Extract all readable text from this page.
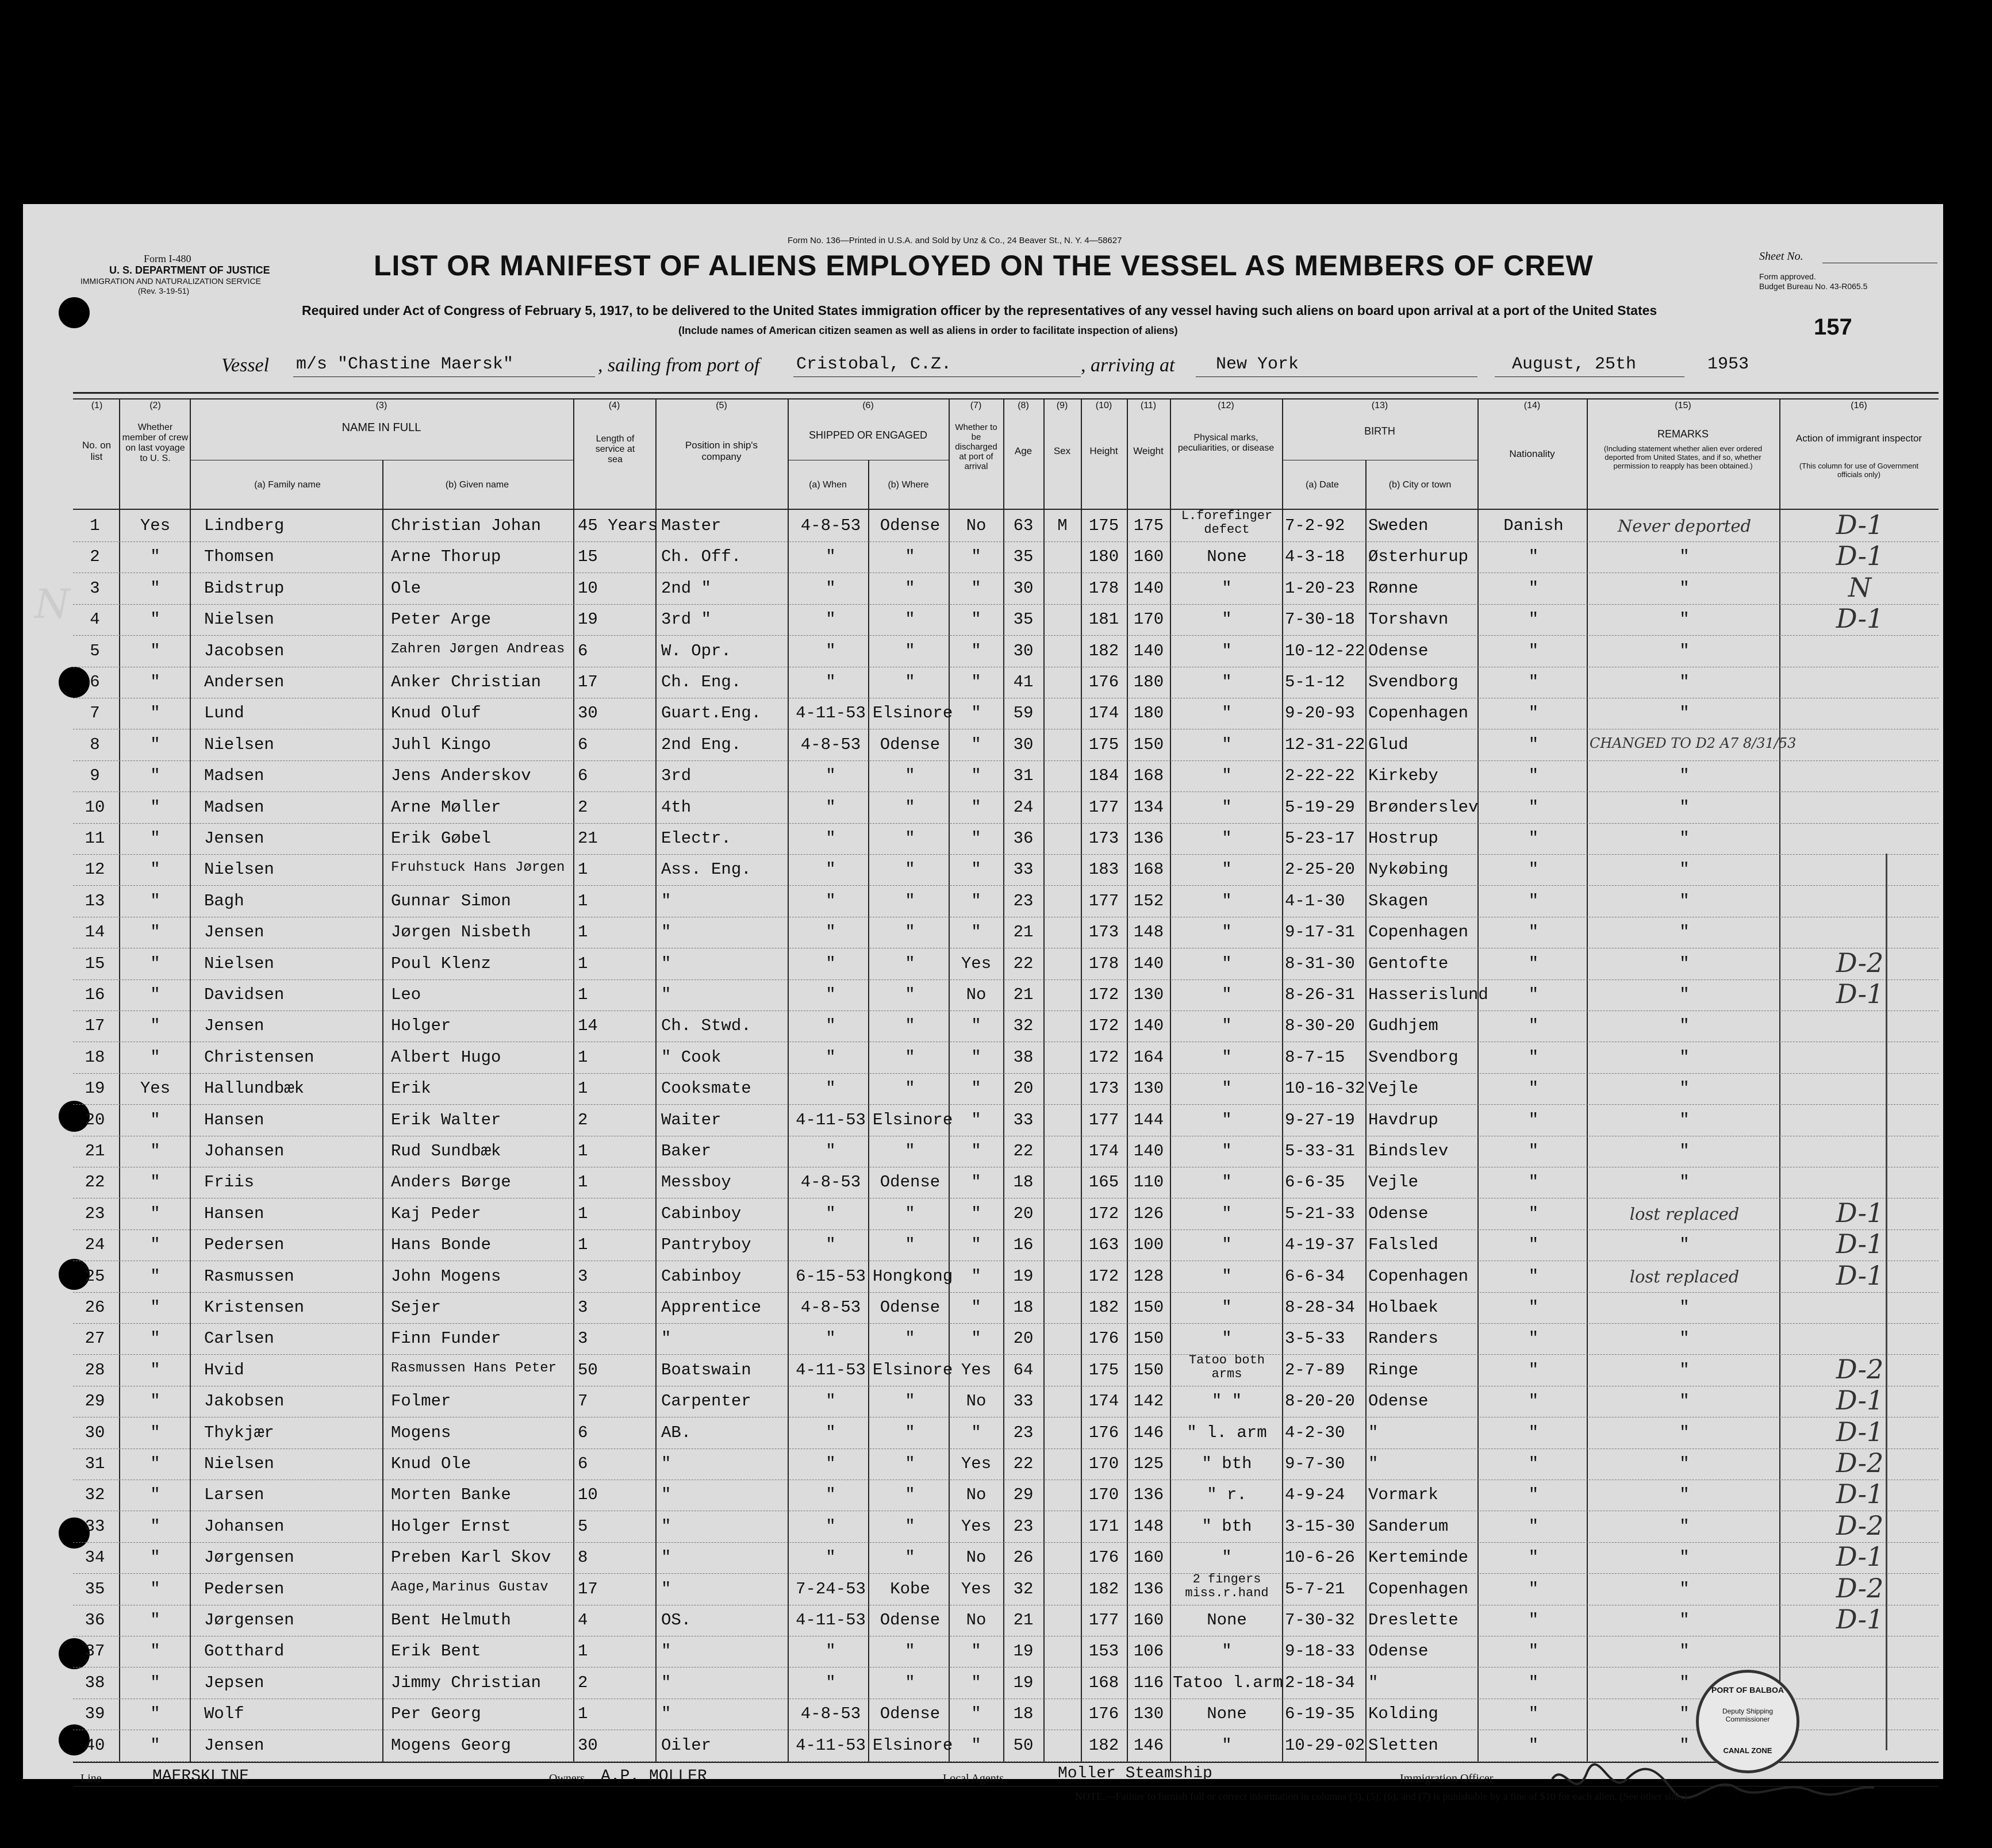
Form I-480
U. S. DEPARTMENT OF JUSTICE
IMMIGRATION AND NATURALIZATION SERVICE
(Rev. 3-19-51)
Form No. 136—Printed in U.S.A. and Sold by Unz & Co., 24 Beaver St., N. Y. 4—58627
LIST OR MANIFEST OF ALIENS EMPLOYED ON THE VESSEL AS MEMBERS OF CREW
Required under Act of Congress of February 5, 1917, to be delivered to the United States immigration officer by the representatives of any vessel having such aliens on board upon arrival at a port of the United States
(Include names of American citizen seamen as well as aliens in order to facilitate inspection of aliens)
Sheet No.
Form approved.
Budget Bureau No. 43-R065.5
157
Vessel m/s "Chastine Maersk"	, sailing from port of Cristobal, C.Z.	, arriving at New York	August, 25th	1953
(1)
No. on list
(2)
Whether member of crew on last voyage to U. S.
(3)
NAME IN FULL
(a) Family name	(b) Given name
(4)
Length of service at sea
(5)
Position in ship's company
(6)
SHIPPED OR ENGAGED
(a) When	(b) Where
(7)
Whether to be discharged at port of arrival
(8)
Age
(9)
Sex
(10)
Height
(11)
Weight
(12)
Physical marks, peculiarities, or disease
(13)
BIRTH
(a) Date	(b) City or town
(14)
Nationality
(15)
REMARKS
(Including statement whether alien ever ordered deported from United States, and if so, whether permission to reapply has been obtained.)
(16)
Action of immigrant inspector
(This column for use of Government officials only)
1	Yes	Lindberg	Christian Johan	45 Years Master	4-8-53	Odense	No	63	M	175 175
L.forefinger defect	7-2-92	Sweden	Danish	Never deported	D-1
2	"	Thomsen	Arne Thorup	15	Ch. Off.	"	"	"	35	180 160	None	4-3-18	Østerhurup	"	"	D-1
3	"	Bidstrup	Ole	10	2nd "	"	"	"	30	178 140	"	1-20-23 Rønne	"	"	N
4	"	Nielsen	Peter Arge	19	3rd "	"	"	"	35	181 170	"	7-30-18 Torshavn	"	"	D-1
5	"	Jacobsen	Zahren Jørgen Andreas 6	W. Opr.	"	"	"	30	182 140	"	10-12-22 Odense	"	"
6	"	Andersen	Anker Christian	17	Ch. Eng.	"	"	"	41	176 180	"	5-1-12	Svendborg	"	"
7	"	Lund	Knud Oluf	30	Guart.Eng.	4-11-53 Elsinore	"	59	174 180	"	9-20-93 Copenhagen	"	"
8	"	Nielsen	Juhl Kingo	6	2nd Eng.	4-8-53	Odense	"	30	175 150	"	12-31-22 Glud	"	CHANGED TO D2 A7 8/31/53
9	"	Madsen	Jens Anderskov	6	3rd	"	"	"	31	184 168	"	2-22-22 Kirkeby	"	"
10	"	Madsen	Arne Møller	2	4th	"	"	"	24	177 134	"	5-19-29 Brønderslev	"	"
11	"	Jensen	Erik Gøbel	21	Electr.	"	"	"	36	173 136	"	5-23-17 Hostrup	"	"
12	"	Nielsen	Fruhstuck Hans Jørgen 1	Ass. Eng.	"	"	"	33	183 168	"	2-25-20 Nykøbing	"	"
13	"	Bagh	Gunnar Simon	1	"	"	"	"	23	177 152	"	4-1-30	Skagen	"	"
14	"	Jensen	Jørgen Nisbeth	1	"	"	"	"	21	173 148	"	9-17-31 Copenhagen	"	"
15	"	Nielsen	Poul Klenz	1	"	"	"	Yes	22	178 140	"	8-31-30 Gentofte	"	"	D-2
16	"	Davidsen	Leo	1	"	"	"	No	21	172 130	"	8-26-31 Hasserislund	"	"	D-1
17	"	Jensen	Holger	14	Ch. Stwd.	"	"	"	32	172 140	"	8-30-20 Gudhjem	"	"
18	"	Christensen	Albert Hugo	1	" Cook	"	"	"	38	172 164	"	8-7-15	Svendborg	"	"
19	Yes	Hallundbæk	Erik	1	Cooksmate	"	"	"	20	173 130	"	10-16-32 Vejle	"	"
20	"	Hansen	Erik Walter	2	Waiter	4-11-53 Elsinore	"	33	177 144	"	9-27-19 Havdrup	"	"
21	"	Johansen	Rud Sundbæk	1	Baker	"	"	"	22	174 140	"	5-33-31 Bindslev	"	"
22	"	Friis	Anders Børge	1	Messboy	4-8-53	Odense	"	18	165 110	"	6-6-35	Vejle	"	"
23	"	Hansen	Kaj Peder	1	Cabinboy	"	"	"	20	172 126	"	5-21-33 Odense	"	lost replaced	D-1
24	"	Pedersen	Hans Bonde	1	Pantryboy	"	"	"	16	163 100	"	4-19-37 Falsled	"	"	D-1
25	"	Rasmussen	John Mogens	3	Cabinboy	6-15-53 Hongkong	"	19	172 128	"	6-6-34	Copenhagen	"	lost replaced	D-1
26	"	Kristensen	Sejer	3	Apprentice	4-8-53	Odense	"	18	182 150	"	8-28-34 Holbaek	"	"
27	"	Carlsen	Finn Funder	3	"	"	"	"	20	176 150	"	3-5-33	Randers	"	"
28	"	Hvid	Rasmussen Hans Peter	50	Boatswain	4-11-53 Elsinore Yes	64	175 150
Tatoo both arms	2-7-89	Ringe	"	"	D-2
29	"	Jakobsen	Folmer	7	Carpenter	"	"	No	33	174 142	" "	8-20-20 Odense	"	"	D-1
30	"	Thykjær	Mogens	6	AB.	"	"	"	23	176 146	" l. arm	4-2-30	"	"	"	D-1
31	"	Nielsen	Knud Ole	6	"	"	"	Yes	22	170 125	" bth	9-7-30	"	"	"	D-2
32	"	Larsen	Morten Banke	10	"	"	"	No	29	170 136	" r.	4-9-24	Vormark	"	"	D-1
33	"	Johansen	Holger Ernst	5	"	"	"	Yes	23	171 148	" bth	3-15-30 Sanderum	"	"	D-2
34	"	Jørgensen	Preben Karl Skov	8	"	"	"	No	26	176 160	"	10-6-26 Kerteminde	"	"	D-1
35	"	Pedersen	Aage,Marinus Gustav	17	"	7-24-53	Kobe	Yes	32	182 136
2 fingers miss.r.hand 5-7-21	Copenhagen	"	"	D-2
36	"	Jørgensen	Bent Helmuth	4	OS.	4-11-53 Odense	No	21	177 160	None	7-30-32 Dreslette	"	"	D-1
37	"	Gotthard	Erik Bent	1	"	"	"	"	19	153 106	"	9-18-33 Odense	"	"
38	"	Jepsen	Jimmy Christian	2	"	"	"	"	19	168 116 Tatoo l.arm 2-18-34 "	"	"
39	"	Wolf	Per Georg	1	"	4-8-53	Odense	"	18	176 130	None	6-19-35 Kolding	"	"
40	"	Jensen	Mogens Georg	30	Oiler	4-11-53 Elsinore	"	50	182 146	"	10-29-02 Sletten	"	"
PORT OF BALBOA
Deputy Shipping Commissioner
CANAL ZONE
Line	MAERSKLINE	Owners A.P. MOLLER	Local Agents	Moller Steamship	Immigration Officer
NOTE.—Failure to furnish full or correct information in columns (3), (5), (6), and (7) is punishable by a fine of $10 for each alien. (See other side.)
N
